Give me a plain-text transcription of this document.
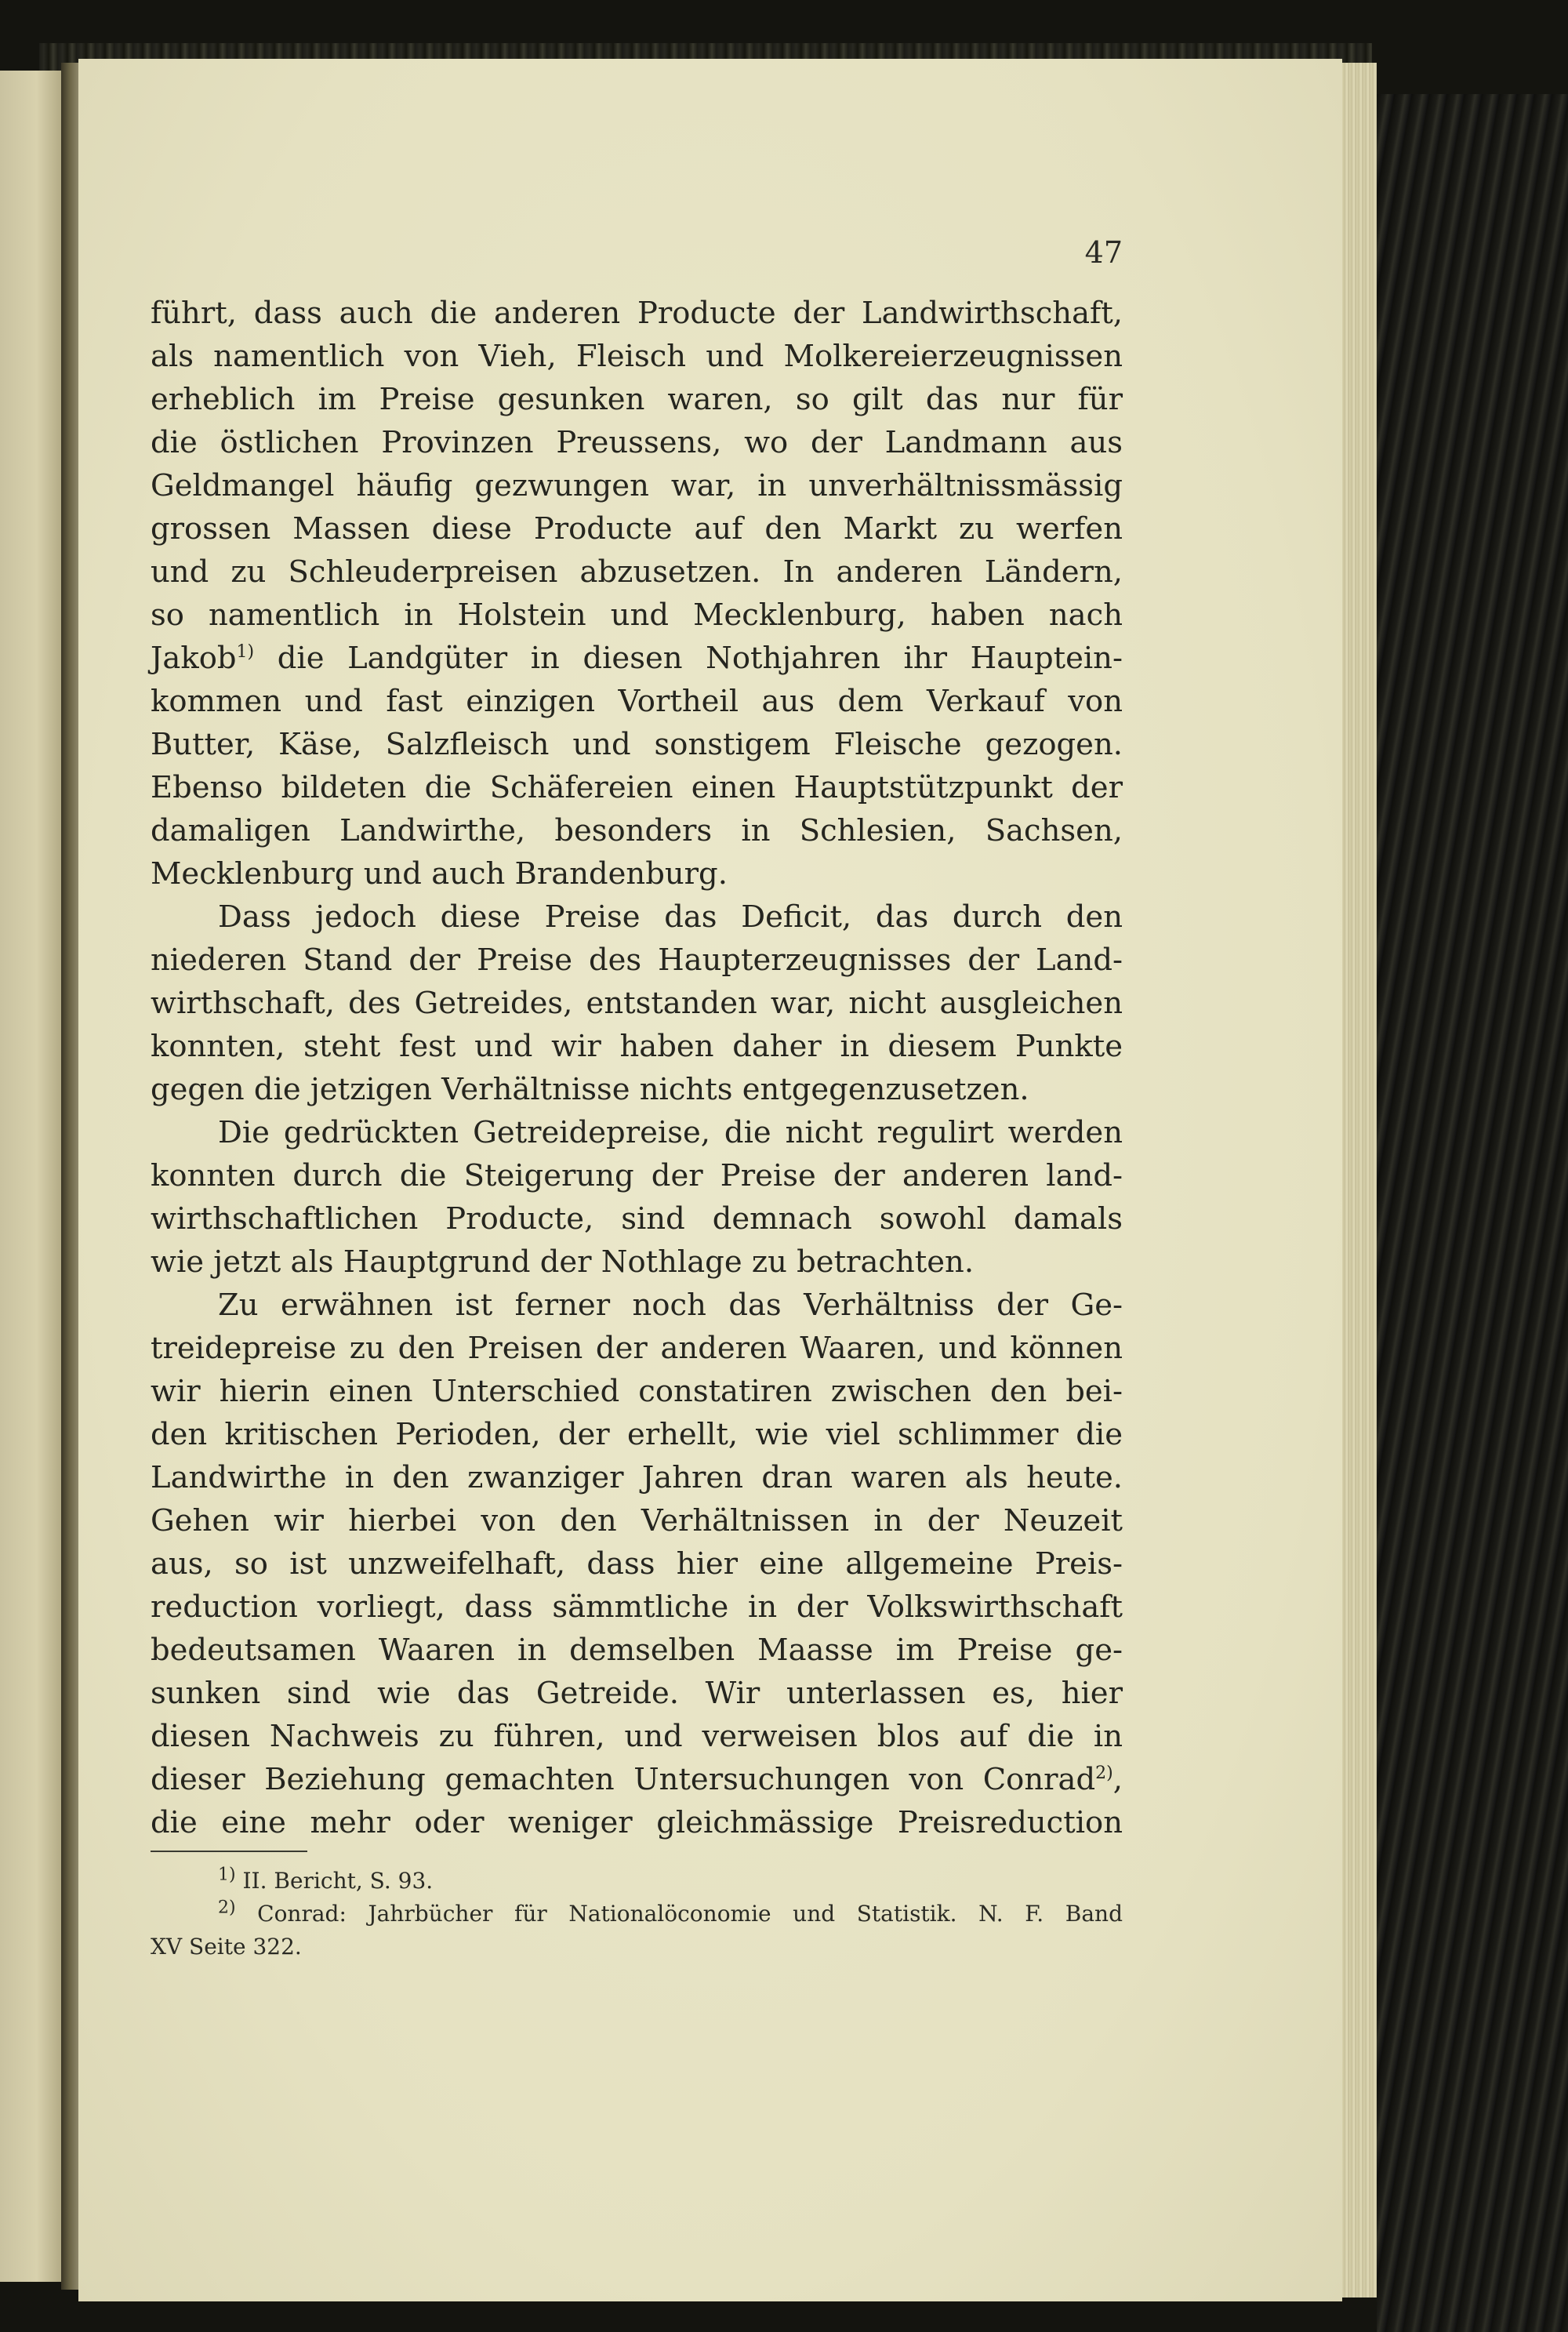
47
führt, dass auch die anderen Producte der Landwirthschaft,
als namentlich von Vieh, Fleisch und Molkereierzeugnissen
erheblich im Preise gesunken waren, so gilt das nur für
die östlichen Provinzen Preussens, wo der Landmann aus
Geldmangel häufig gezwungen war, in unverhältnissmässig
grossen Massen diese Producte auf den Markt zu werfen
und zu Schleuderpreisen abzusetzen. In anderen Ländern,
so namentlich in Holstein und Mecklenburg, haben nach
Jakob$^{1)}$ die Landgüter in diesen Nothjahren ihr Hauptein-
kommen und fast einzigen Vortheil aus dem Verkauf von
Butter, Käse, Salzfleisch und sonstigem Fleische gezogen.
Ebenso bildeten die Schäfereien einen Hauptstützpunkt der
damaligen Landwirthe, besonders in Schlesien, Sachsen,
Mecklenburg und auch Brandenburg.
Dass jedoch diese Preise das Deficit, das durch den
niederen Stand der Preise des Haupterzeugnisses der Land-
wirthschaft, des Getreides, entstanden war, nicht ausgleichen
konnten, steht fest und wir haben daher in diesem Punkte
gegen die jetzigen Verhältnisse nichts entgegenzusetzen.
Die gedrückten Getreidepreise, die nicht regulirt werden
konnten durch die Steigerung der Preise der anderen land-
wirthschaftlichen Producte, sind demnach sowohl damals
wie jetzt als Hauptgrund der Nothlage zu betrachten.
Zu erwähnen ist ferner noch das Verhältniss der Ge-
treidepreise zu den Preisen der anderen Waaren, und können
wir hierin einen Unterschied constatiren zwischen den bei-
den kritischen Perioden, der erhellt, wie viel schlimmer die
Landwirthe in den zwanziger Jahren dran waren als heute.
Gehen wir hierbei von den Verhältnissen in der Neuzeit
aus, so ist unzweifelhaft, dass hier eine allgemeine Preis-
reduction vorliegt, dass sämmtliche in der Volkswirthschaft
bedeutsamen Waaren in demselben Maasse im Preise ge-
sunken sind wie das Getreide. Wir unterlassen es, hier
diesen Nachweis zu führen, und verweisen blos auf die in
dieser Beziehung gemachten Untersuchungen von Conrad$^{2)}$,
die eine mehr oder weniger gleichmässige Preisreduction
$^{1)}$ II. Bericht, S. 93.
$^{2)}$ Conrad: Jahrbücher für Nationalöconomie und Statistik. N. F. Band
XV Seite 322.
